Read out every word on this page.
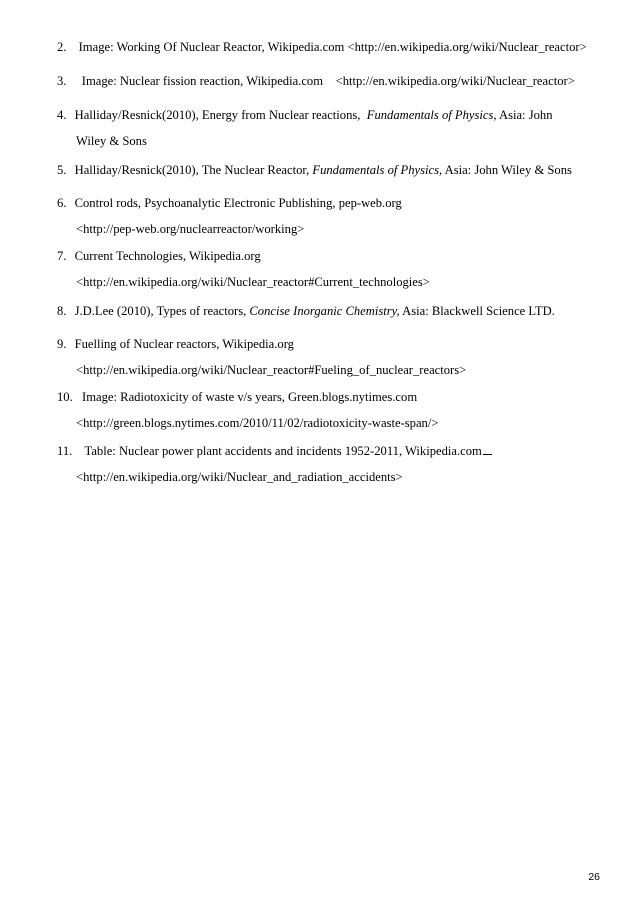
2. Image: Working Of Nuclear Reactor, Wikipedia.com <http://en.wikipedia.org/wiki/Nuclear_reactor>
3.  Image: Nuclear fission reaction, Wikipedia.com    <http://en.wikipedia.org/wiki/Nuclear_reactor>
4. Halliday/Resnick(2010), Energy from Nuclear reactions,  Fundamentals of Physics, Asia: John
Wiley & Sons
5. Halliday/Resnick(2010), The Nuclear Reactor, Fundamentals of Physics, Asia: John Wiley & Sons
6. Control rods, Psychoanalytic Electronic Publishing, pep-web.org
<http://pep-web.org/nuclearreactor/working>
7. Current Technologies, Wikipedia.org
<http://en.wikipedia.org/wiki/Nuclear_reactor#Current_technologies>
8. J.D.Lee (2010), Types of reactors, Concise Inorganic Chemistry, Asia: Blackwell Science LTD.
9. Fuelling of Nuclear reactors, Wikipedia.org
<http://en.wikipedia.org/wiki/Nuclear_reactor#Fueling_of_nuclear_reactors>
10.  Image: Radiotoxicity of waste v/s years, Green.blogs.nytimes.com
<http://green.blogs.nytimes.com/2010/11/02/radiotoxicity-waste-span/>
11.   Table: Nuclear power plant accidents and incidents 1952-2011, Wikipedia.com
<http://en.wikipedia.org/wiki/Nuclear_and_radiation_accidents>
26
